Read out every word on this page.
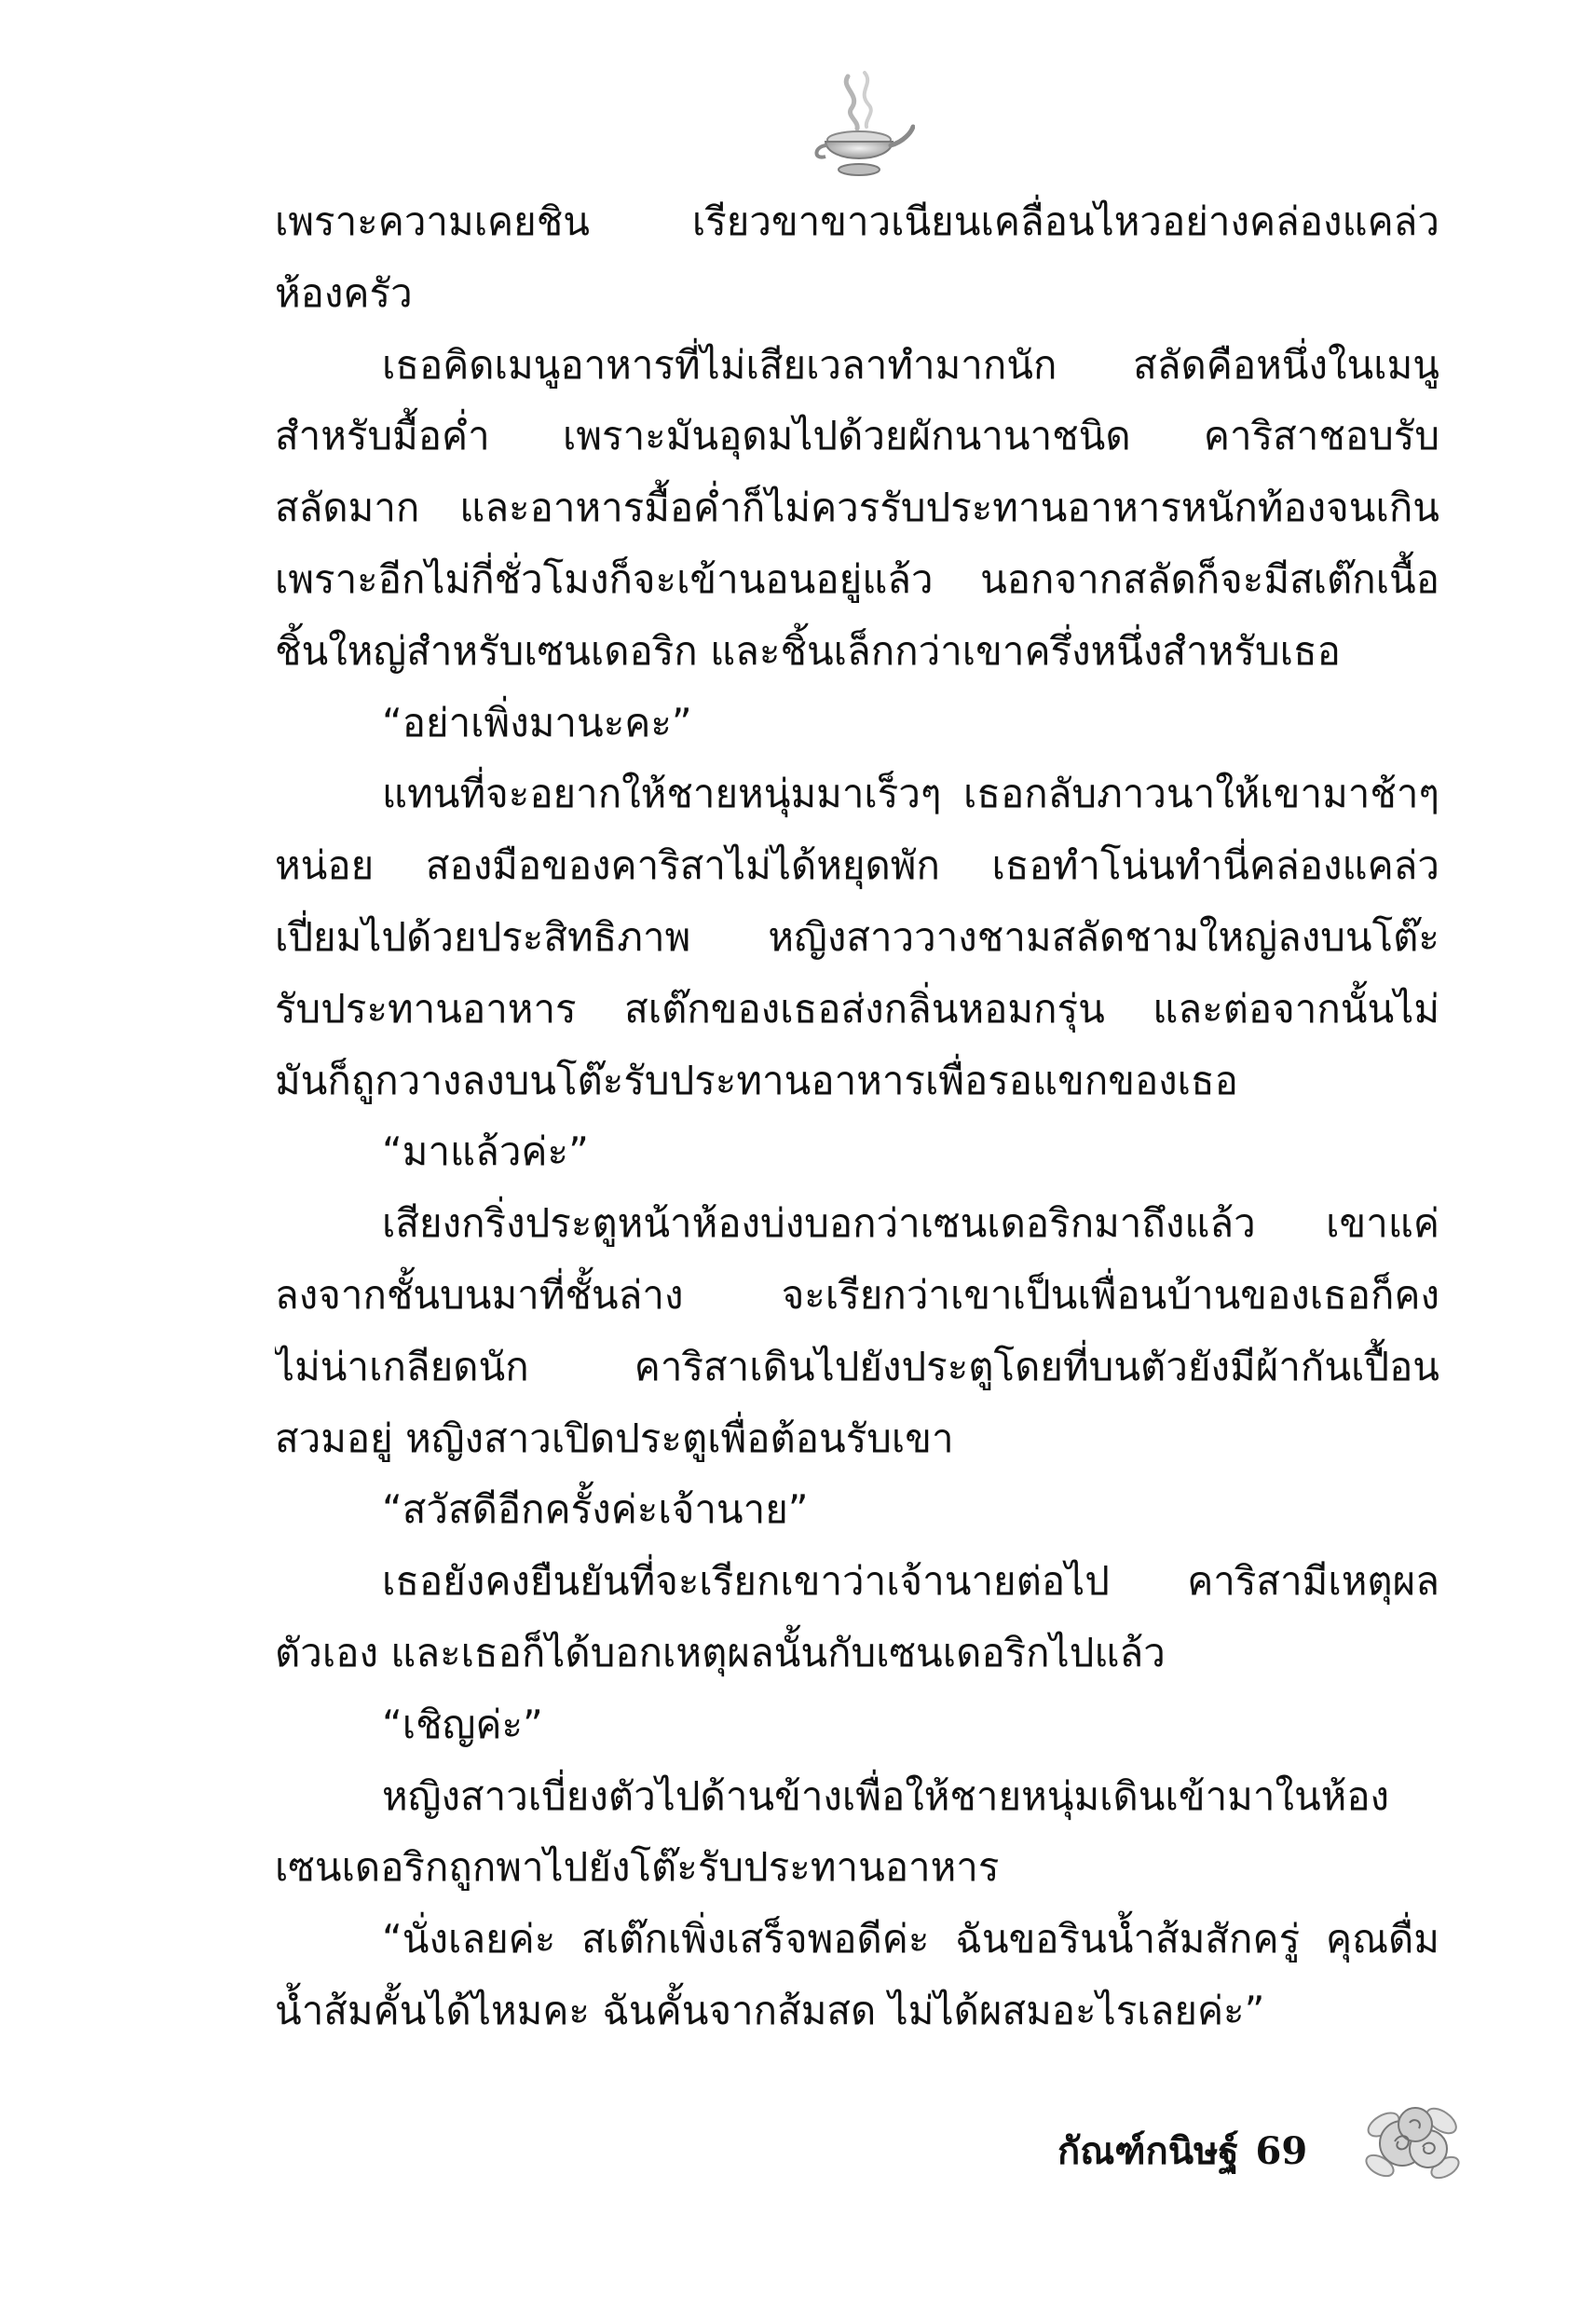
เพราะความเคยชิน เรียวขาขาวเนียนเคลื่อนไหวอย่างคล่องแคล่ว
ห้องครัว
เธอคิดเมนูอาหารที่ไม่เสียเวลาทำมากนัก สลัดคือหนึ่งในเมนู
สำหรับมื้อค่ำ เพราะมันอุดมไปด้วยผักนานาชนิด คาริสาชอบรับ
สลัดมาก และอาหารมื้อค่ำก็ไม่ควรรับประทานอาหารหนักท้องจนเกิน
เพราะอีกไม่กี่ชั่วโมงก็จะเข้านอนอยู่แล้ว นอกจากสลัดก็จะมีสเต๊กเนื้อ
ชิ้นใหญ่สำหรับเซนเดอริก และชิ้นเล็กกว่าเขาครึ่งหนึ่งสำหรับเธอ
“อย่าเพิ่งมานะคะ”
แทนที่จะอยากให้ชายหนุ่มมาเร็วๆ เธอกลับภาวนาให้เขามาช้าๆ
หน่อย สองมือของคาริสาไม่ได้หยุดพัก เธอทำโน่นทำนี่คล่องแคล่ว
เปี่ยมไปด้วยประสิทธิภาพ หญิงสาววางชามสลัดชามใหญ่ลงบนโต๊ะ
รับประทานอาหาร สเต๊กของเธอส่งกลิ่นหอมกรุ่น และต่อจากนั้นไม่
มันก็ถูกวางลงบนโต๊ะรับประทานอาหารเพื่อรอแขกของเธอ
“มาแล้วค่ะ”
เสียงกริ่งประตูหน้าห้องบ่งบอกว่าเซนเดอริกมาถึงแล้ว เขาแค่
ลงจากชั้นบนมาที่ชั้นล่าง จะเรียกว่าเขาเป็นเพื่อนบ้านของเธอก็คง
ไม่น่าเกลียดนัก คาริสาเดินไปยังประตูโดยที่บนตัวยังมีผ้ากันเปื้อน
สวมอยู่ หญิงสาวเปิดประตูเพื่อต้อนรับเขา
“สวัสดีอีกครั้งค่ะเจ้านาย”
เธอยังคงยืนยันที่จะเรียกเขาว่าเจ้านายต่อไป คาริสามีเหตุผล
ตัวเอง และเธอก็ได้บอกเหตุผลนั้นกับเซนเดอริกไปแล้ว
“เชิญค่ะ”
หญิงสาวเบี่ยงตัวไปด้านข้างเพื่อให้ชายหนุ่มเดินเข้ามาในห้อง
เซนเดอริกถูกพาไปยังโต๊ะรับประทานอาหาร
“นั่งเลยค่ะ สเต๊กเพิ่งเสร็จพอดีค่ะ ฉันขอรินน้ำส้มสักครู่ คุณดื่ม
น้ำส้มคั้นได้ไหมคะ ฉันคั้นจากส้มสด ไม่ได้ผสมอะไรเลยค่ะ”
กัณฑ์กนิษฐ์ 69
